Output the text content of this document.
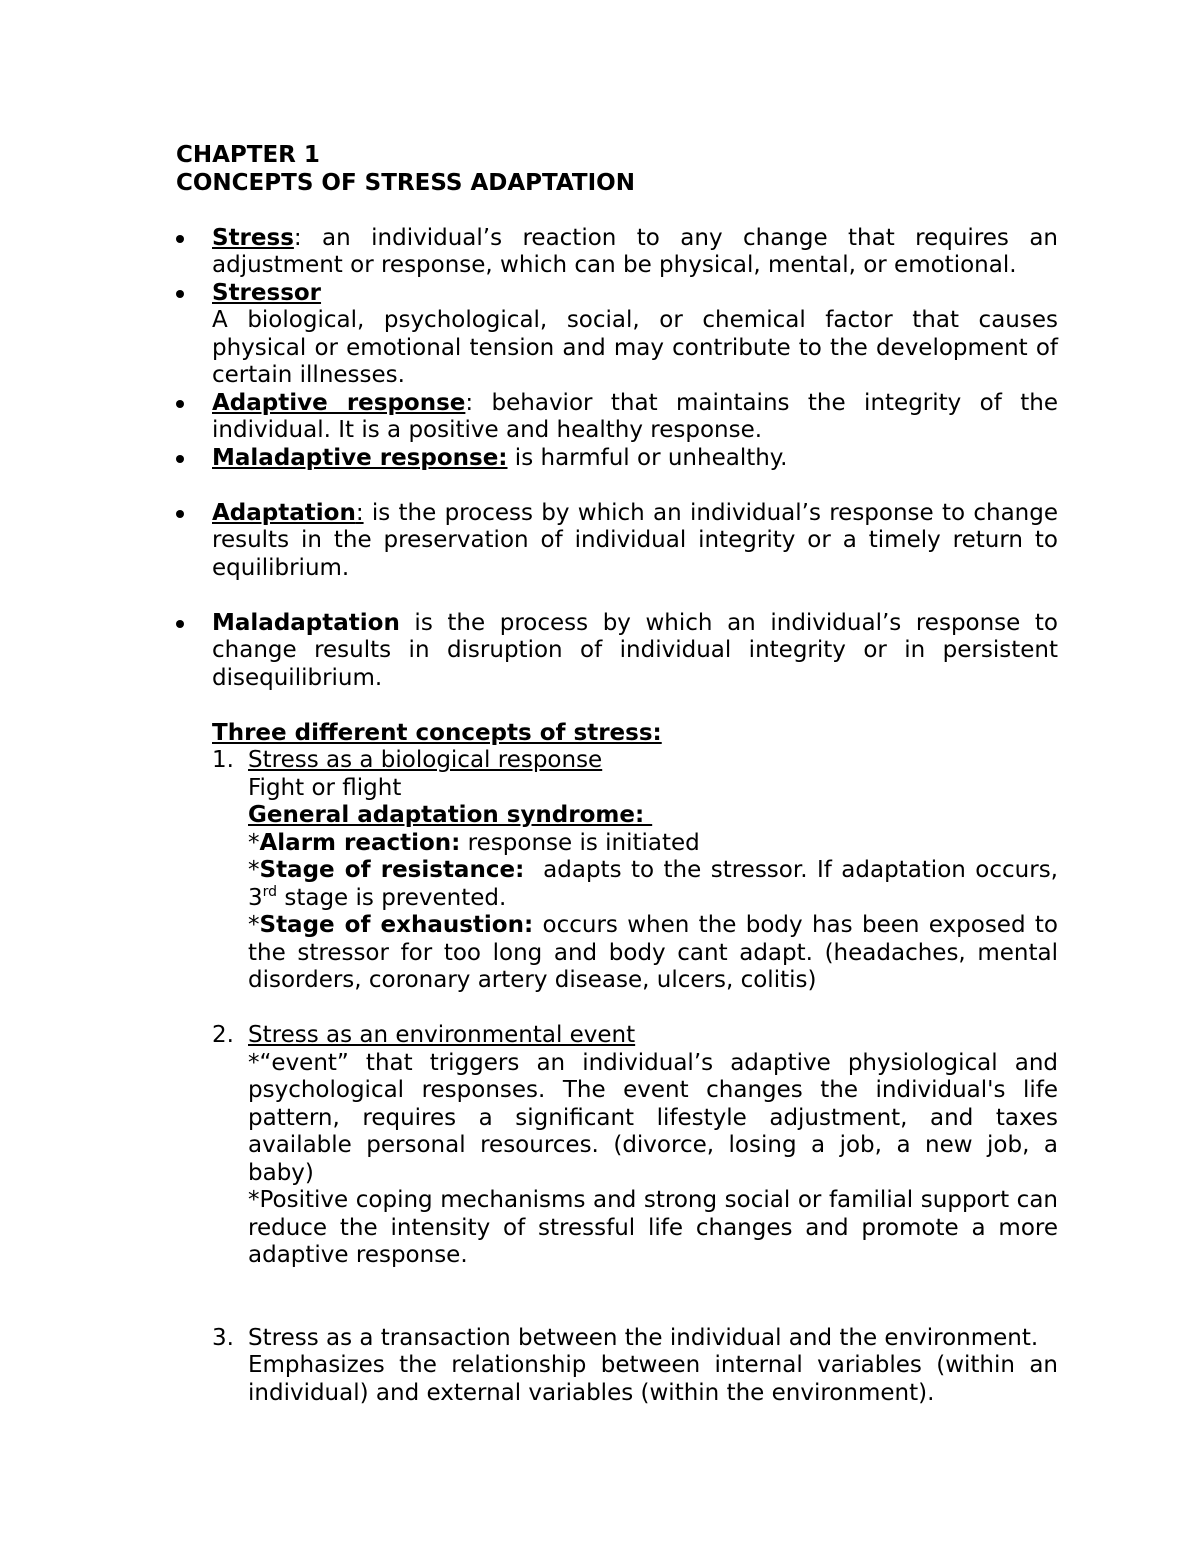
CHAPTER 1
CONCEPTS OF STRESS ADAPTATION
Stress: an individual’s reaction to any change that requires an adjustment or response, which can be physical, mental, or emotional.
Stressor
A biological, psychological, social, or chemical factor that causes physical or emotional tension and may contribute to the development of certain illnesses.
Adaptive response: behavior that maintains the integrity of the individual. It is a positive and healthy response.
Maladaptive response: is harmful or unhealthy.
Adaptation: is the process by which an individual’s response to change results in the preservation of individual integrity or a timely return to equilibrium.
Maladaptation is the process by which an individual’s response to change results in disruption of individual integrity or in persistent disequilibrium.
Three different concepts of stress:
1. Stress as a biological response
Fight or flight
General adaptation syndrome:
*Alarm reaction: response is initiated
*Stage of resistance:  adapts to the stressor. If adaptation occurs, 3rd stage is prevented.
*Stage of exhaustion: occurs when the body has been exposed to the stressor for too long and body cant adapt. (headaches, mental disorders, coronary artery disease, ulcers, colitis)
2. Stress as an environmental event
*“event” that triggers an individual’s adaptive physiological and psychological responses. The event changes the individual's life pattern, requires a significant lifestyle adjustment, and taxes available personal resources. (divorce, losing a job, a new job, a baby)
*Positive coping mechanisms and strong social or familial support can reduce the intensity of stressful life changes and promote a more adaptive response.
3. Stress as a transaction between the individual and the environment.
Emphasizes the relationship between internal variables (within an individual) and external variables (within the environment).
